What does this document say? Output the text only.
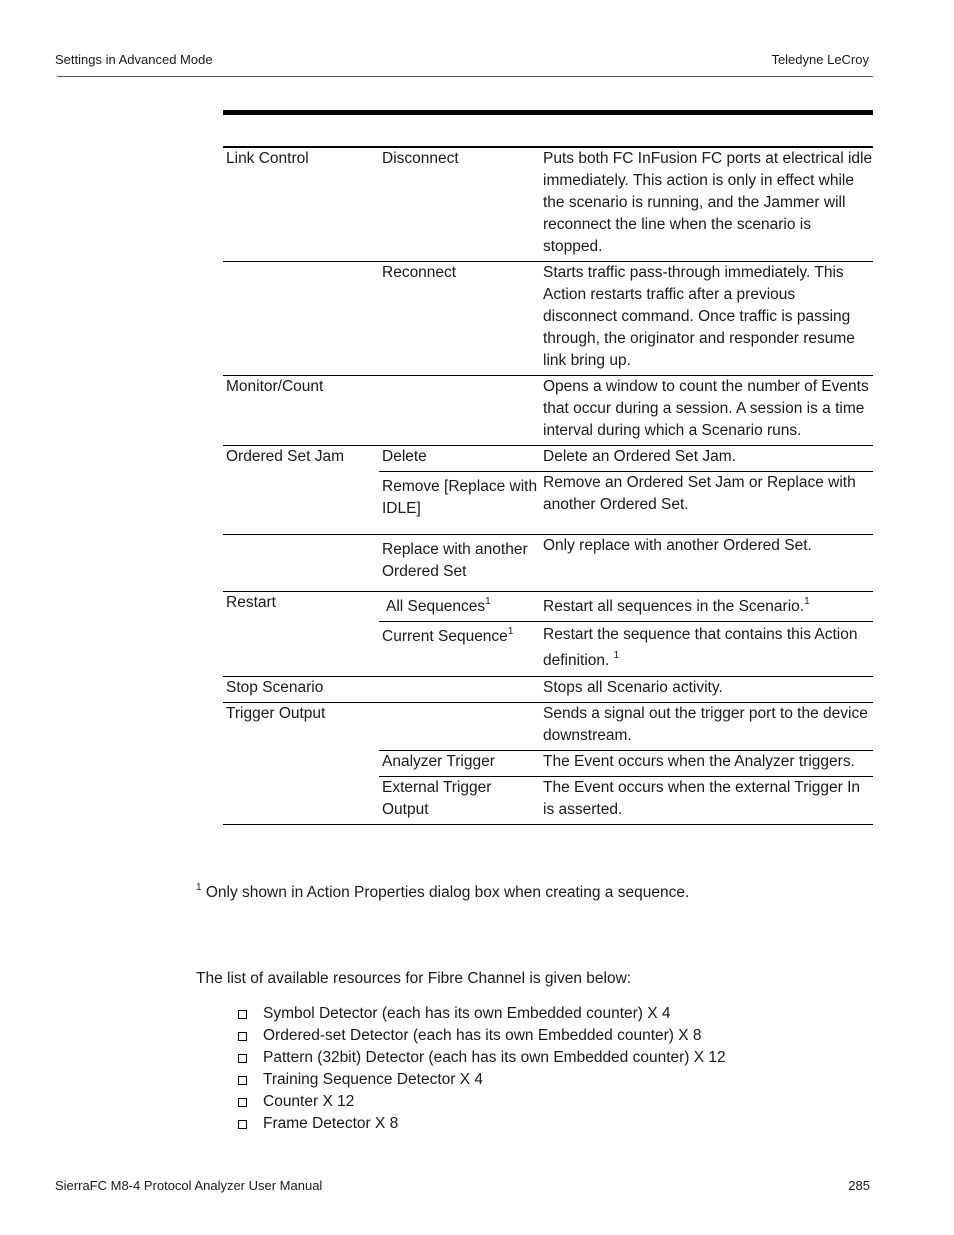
Settings in Advanced Mode	Teledyne LeCroy
Link Control	Disconnect	Puts both FC InFusion FC ports at electrical idle immediately. This action is only in effect while the scenario is running, and the Jammer will reconnect the line when the scenario is stopped.
	Reconnect	Starts traffic pass-through immediately. This Action restarts traffic after a previous disconnect command. Once traffic is passing through, the originator and responder resume link bring up.
Monitor/Count		Opens a window to count the number of Events that occur during a session. A session is a time interval during which a Scenario runs.
Ordered Set Jam	Delete	Delete an Ordered Set Jam.
	Remove [Replace with IDLE]	Remove an Ordered Set Jam or Replace with another Ordered Set.
	Replace with another Ordered Set	Only replace with another Ordered Set.
Restart	All Sequences$^1$	Restart all sequences in the Scenario.$^1$
	Current Sequence$^1$	Restart the sequence that contains this Action definition. $^1$
Stop Scenario		Stops all Scenario activity.
Trigger Output		Sends a signal out the trigger port to the device downstream.
	Analyzer Trigger	The Event occurs when the Analyzer triggers.
	External Trigger Output	The Event occurs when the external Trigger In is asserted.
$^1$ Only shown in Action Properties dialog box when creating a sequence.
The list of available resources for Fibre Channel is given below:
Symbol Detector (each has its own Embedded counter) X 4
Ordered-set Detector (each has its own Embedded counter) X 8
Pattern (32bit) Detector (each has its own Embedded counter) X 12
Training Sequence Detector X 4
Counter X 12
Frame Detector X 8
SierraFC M8-4 Protocol Analyzer User Manual	285
